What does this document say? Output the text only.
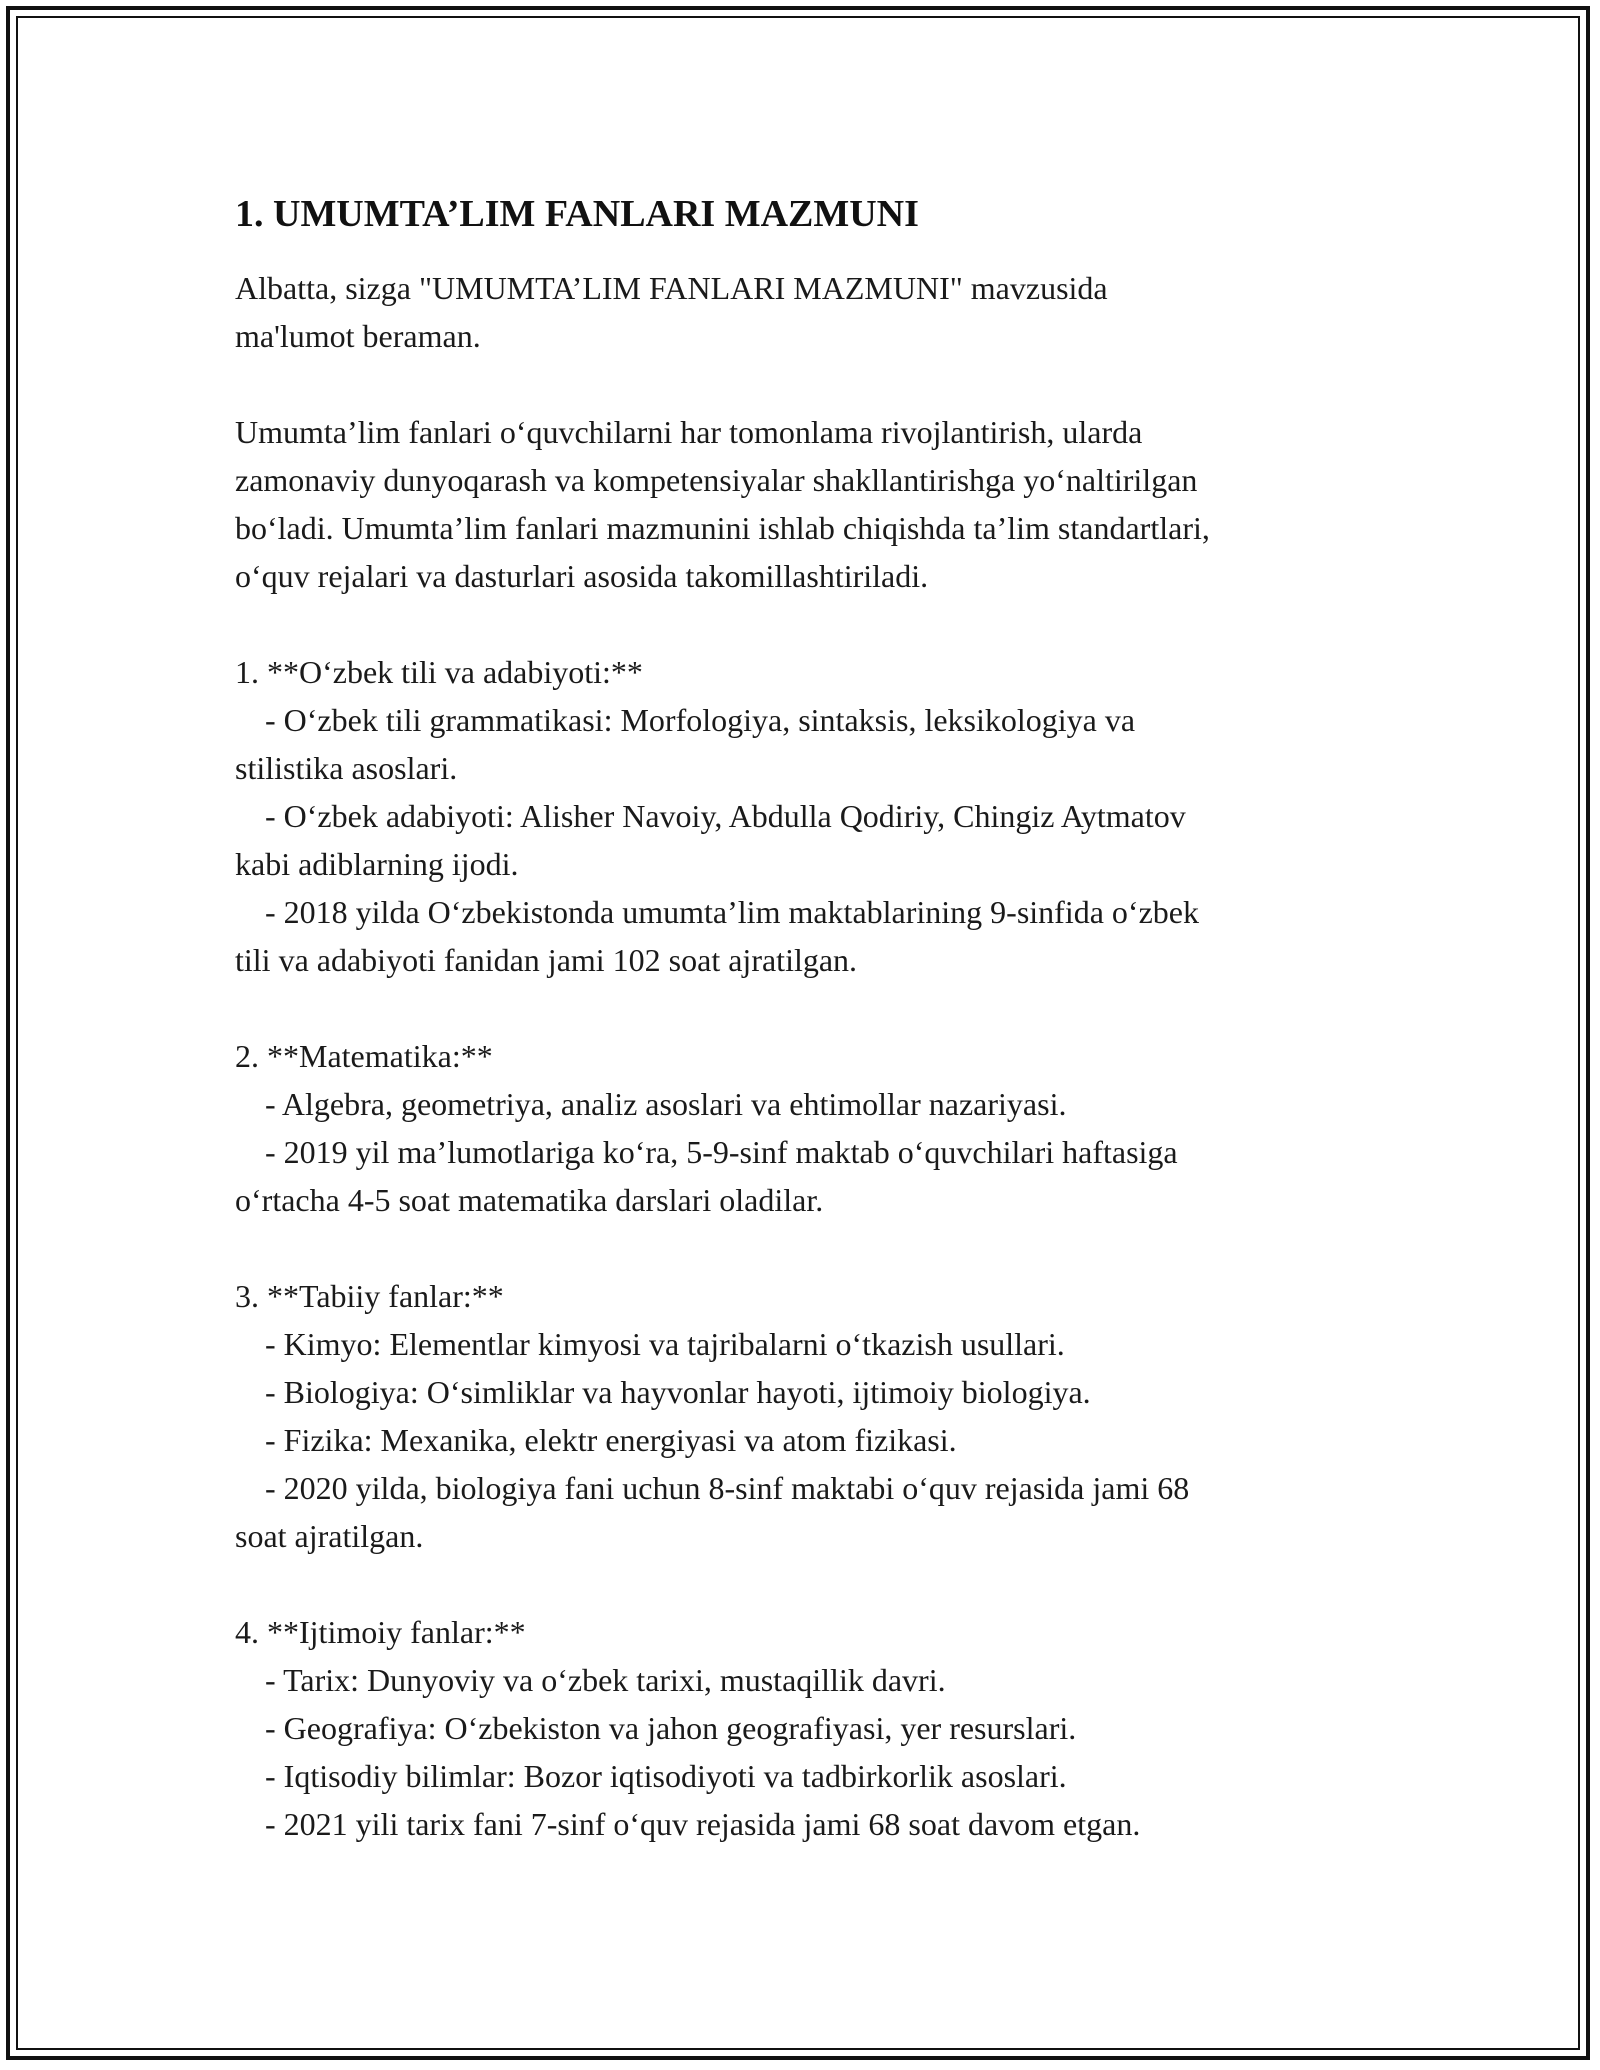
1. UMUMTA’LIM FANLARI MAZMUNI

Albatta, sizga "UMUMTA’LIM FANLARI MAZMUNI" mavzusida

ma'lumot beraman.

Umumta’lim fanlari o‘quvchilarni har tomonlama rivojlantirish, ularda

zamonaviy dunyoqarash va kompetensiyalar shakllantirishga yo‘naltirilgan

bo‘ladi. Umumta’lim fanlari mazmunini ishlab chiqishda ta’lim standartlari,

o‘quv rejalari va dasturlari asosida takomillashtiriladi.

1. **O‘zbek tili va adabiyoti:**

- O‘zbek tili grammatikasi: Morfologiya, sintaksis, leksikologiya va

stilistika asoslari.

- O‘zbek adabiyoti: Alisher Navoiy, Abdulla Qodiriy, Chingiz Aytmatov

kabi adiblarning ijodi.

- 2018 yilda O‘zbekistonda umumta’lim maktablarining 9-sinfida o‘zbek

tili va adabiyoti fanidan jami 102 soat ajratilgan.

2. **Matematika:**

- Algebra, geometriya, analiz asoslari va ehtimollar nazariyasi.

- 2019 yil ma’lumotlariga ko‘ra, 5-9-sinf maktab o‘quvchilari haftasiga

o‘rtacha 4-5 soat matematika darslari oladilar.

3. **Tabiiy fanlar:**

- Kimyo: Elementlar kimyosi va tajribalarni o‘tkazish usullari.

- Biologiya: O‘simliklar va hayvonlar hayoti, ijtimoiy biologiya.

- Fizika: Mexanika, elektr energiyasi va atom fizikasi.

- 2020 yilda, biologiya fani uchun 8-sinf maktabi o‘quv rejasida jami 68

soat ajratilgan.

4. **Ijtimoiy fanlar:**

- Tarix: Dunyoviy va o‘zbek tarixi, mustaqillik davri.

- Geografiya: O‘zbekiston va jahon geografiyasi, yer resurslari.

- Iqtisodiy bilimlar: Bozor iqtisodiyoti va tadbirkorlik asoslari.

- 2021 yili tarix fani 7-sinf o‘quv rejasida jami 68 soat davom etgan.
